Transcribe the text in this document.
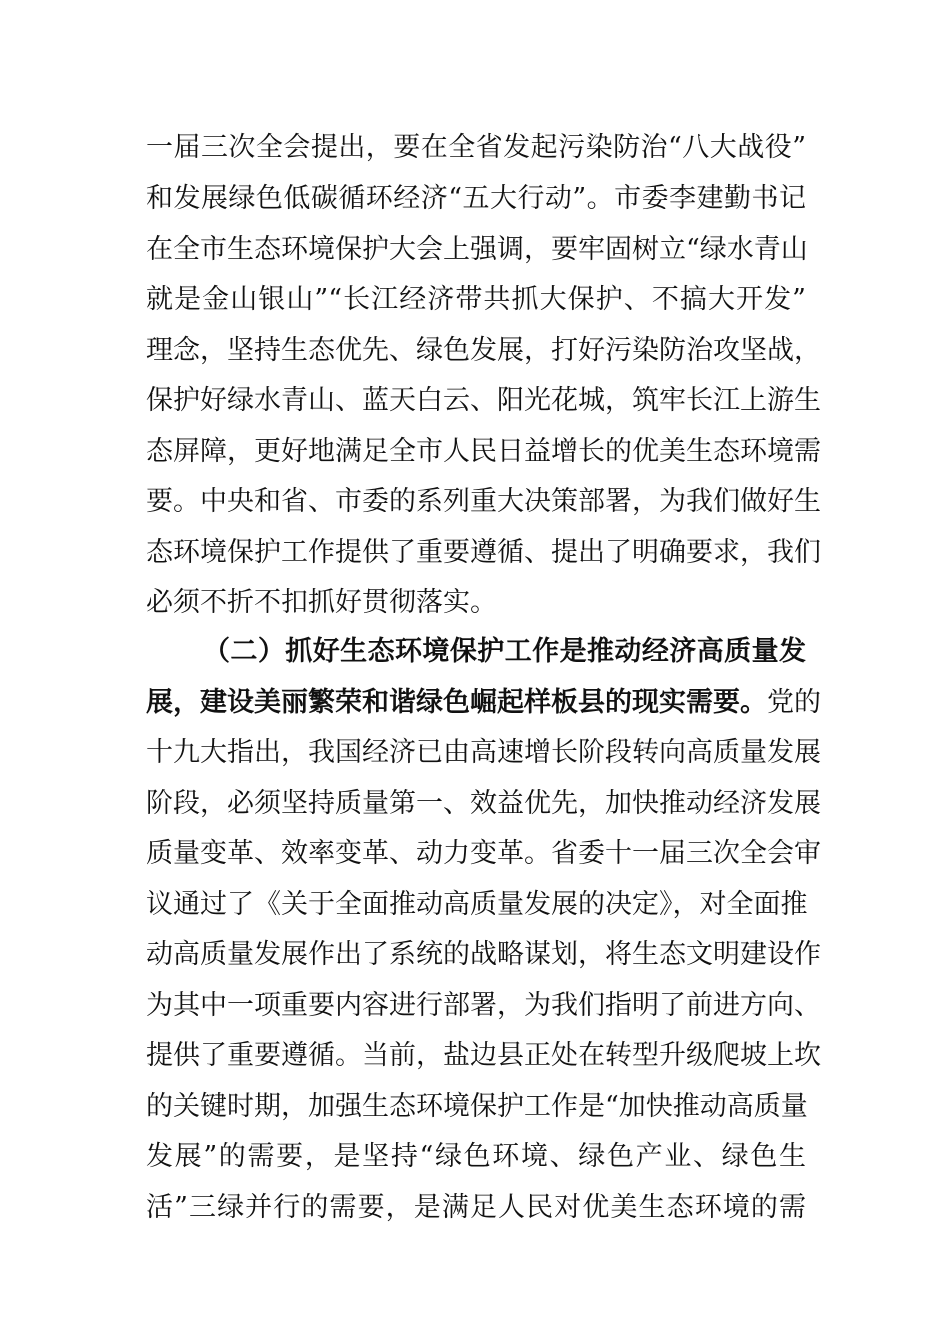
一届三次全会提出，要在全省发起污染防治“八大战役”
和发展绿色低碳循环经济“五大行动”。市委李建勤书记
在全市生态环境保护大会上强调，要牢固树立“绿水青山
就是金山银山”“长江经济带共抓大保护、不搞大开发”
理念，坚持生态优先、绿色发展，打好污染防治攻坚战，
保护好绿水青山、蓝天白云、阳光花城，筑牢长江上游生
态屏障，更好地满足全市人民日益增长的优美生态环境需
要。中央和省、市委的系列重大决策部署，为我们做好生
态环境保护工作提供了重要遵循、提出了明确要求，我们
必须不折不扣抓好贯彻落实。
（二）抓好生态环境保护工作是推动经济高质量发
展，建设美丽繁荣和谐绿色崛起样板县的现实需要。 党的
十九大指出，我国经济已由高速增长阶段转向高质量发展
阶段，必须坚持质量第一、效益优先，加快推动经济发展
质量变革、效率变革、动力变革。省委十一届三次全会审
议通过了《关于全面推动高质量发展的决定》，对全面推
动高质量发展作出了系统的战略谋划，将生态文明建设作
为其中一项重要内容进行部署，为我们指明了前进方向、
提供了重要遵循。当前，盐边县正处在转型升级爬坡上坎
的关键时期，加强生态环境保护工作是“加快推动高质量
发展”的需要，是坚持“绿色环境、绿色产业、绿色生
活”三绿并行的需要，是满足人民对优美生态环境的需
